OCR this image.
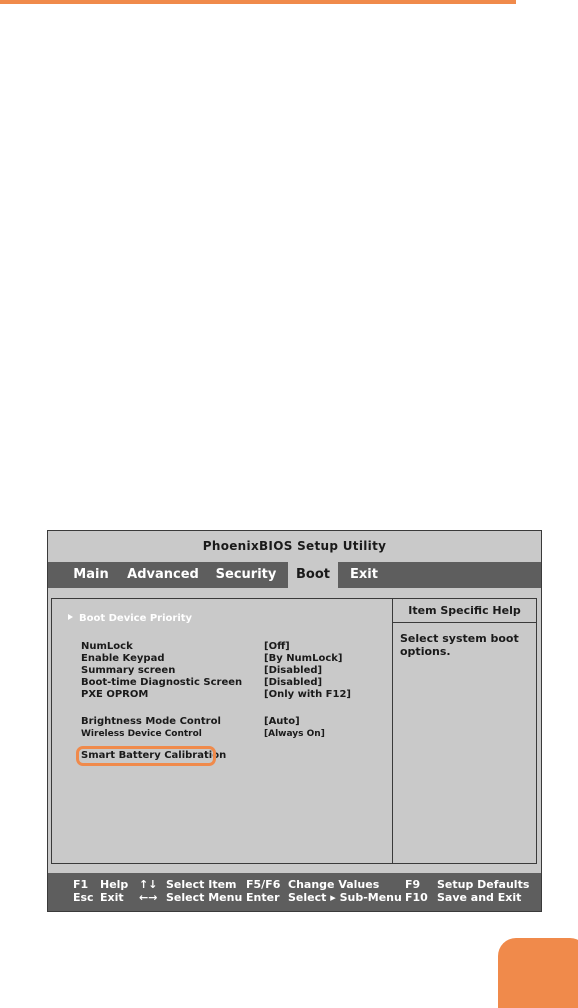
PhoenixBIOS Setup Utility
Main	Advanced	Security	Boot	Exit
Boot Device Priority
NumLock	[Off]
Enable Keypad	[By NumLock]
Summary screen	[Disabled]
Boot-time Diagnostic Screen [Disabled]
PXE OPROM	[Only with F12]
Brightness Mode Control	[Auto]
Wireless Device Control	[Always On]
Smart Battery Calibration
Item Specific Help
Select system boot options.
F1 Help ↑↓ Select Item F5/F6 Change Values F9 Setup Defaults
Esc Exit ←→ Select Menu Enter Select ▸ Sub-Menu F10 Save and Exit
